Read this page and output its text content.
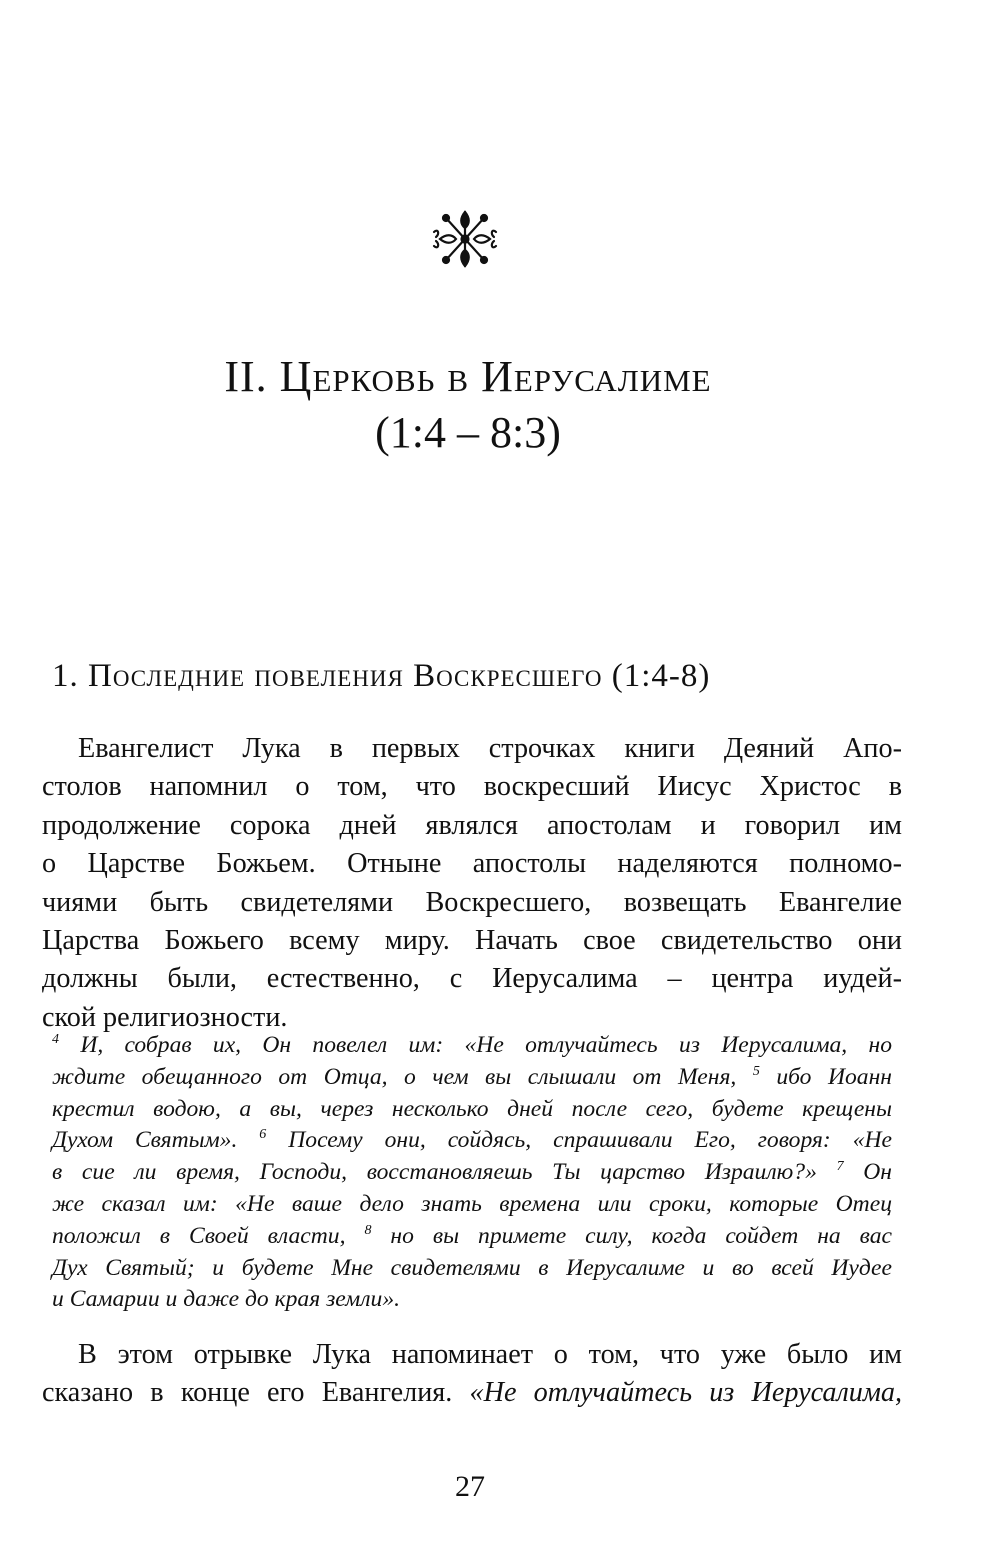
II. Церковь в Иерусалиме
(1:4 – 8:3)
1. Последние повеления Воскресшего (1:4-8)
Евангелист Лука в первых строчках книги Деяний Апо-
столов напомнил о том, что воскресший Иисус Христос в
продолжение сорока дней являлся апостолам и говорил им
о Царстве Божьем. Отныне апостолы наделяются полномо-
чиями быть свидетелями Воскресшего, возвещать Евангелие
Царства Божьего всему миру. Начать свое свидетельство они
должны были, естественно, с Иерусалима – центра иудей-
ской религиозности.
$^4$ И, собрав их, Он повелел им: «Не отлучайтесь из Иерусалима, но
ждите обещанного от Отца, о чем вы слышали от Меня, $^5$ ибо Иоанн
крестил водою, а вы, через несколько дней после сего, будете крещены
Духом Святым». $^6$ Посему они, сойдясь, спрашивали Его, говоря: «Не
в сие ли время, Господи, восстановляешь Ты царство Израилю?» $^7$ Он
же сказал им: «Не ваше дело знать времена или сроки, которые Отец
положил в Своей власти, $^8$ но вы примете силу, когда сойдет на вас
Дух Святый; и будете Мне свидетелями в Иерусалиме и во всей Иудее
и Самарии и даже до края земли».
В этом отрывке Лука напоминает о том, что уже было им
сказано в конце его Евангелия. «Не отлучайтесь из Иерусалима,
27
